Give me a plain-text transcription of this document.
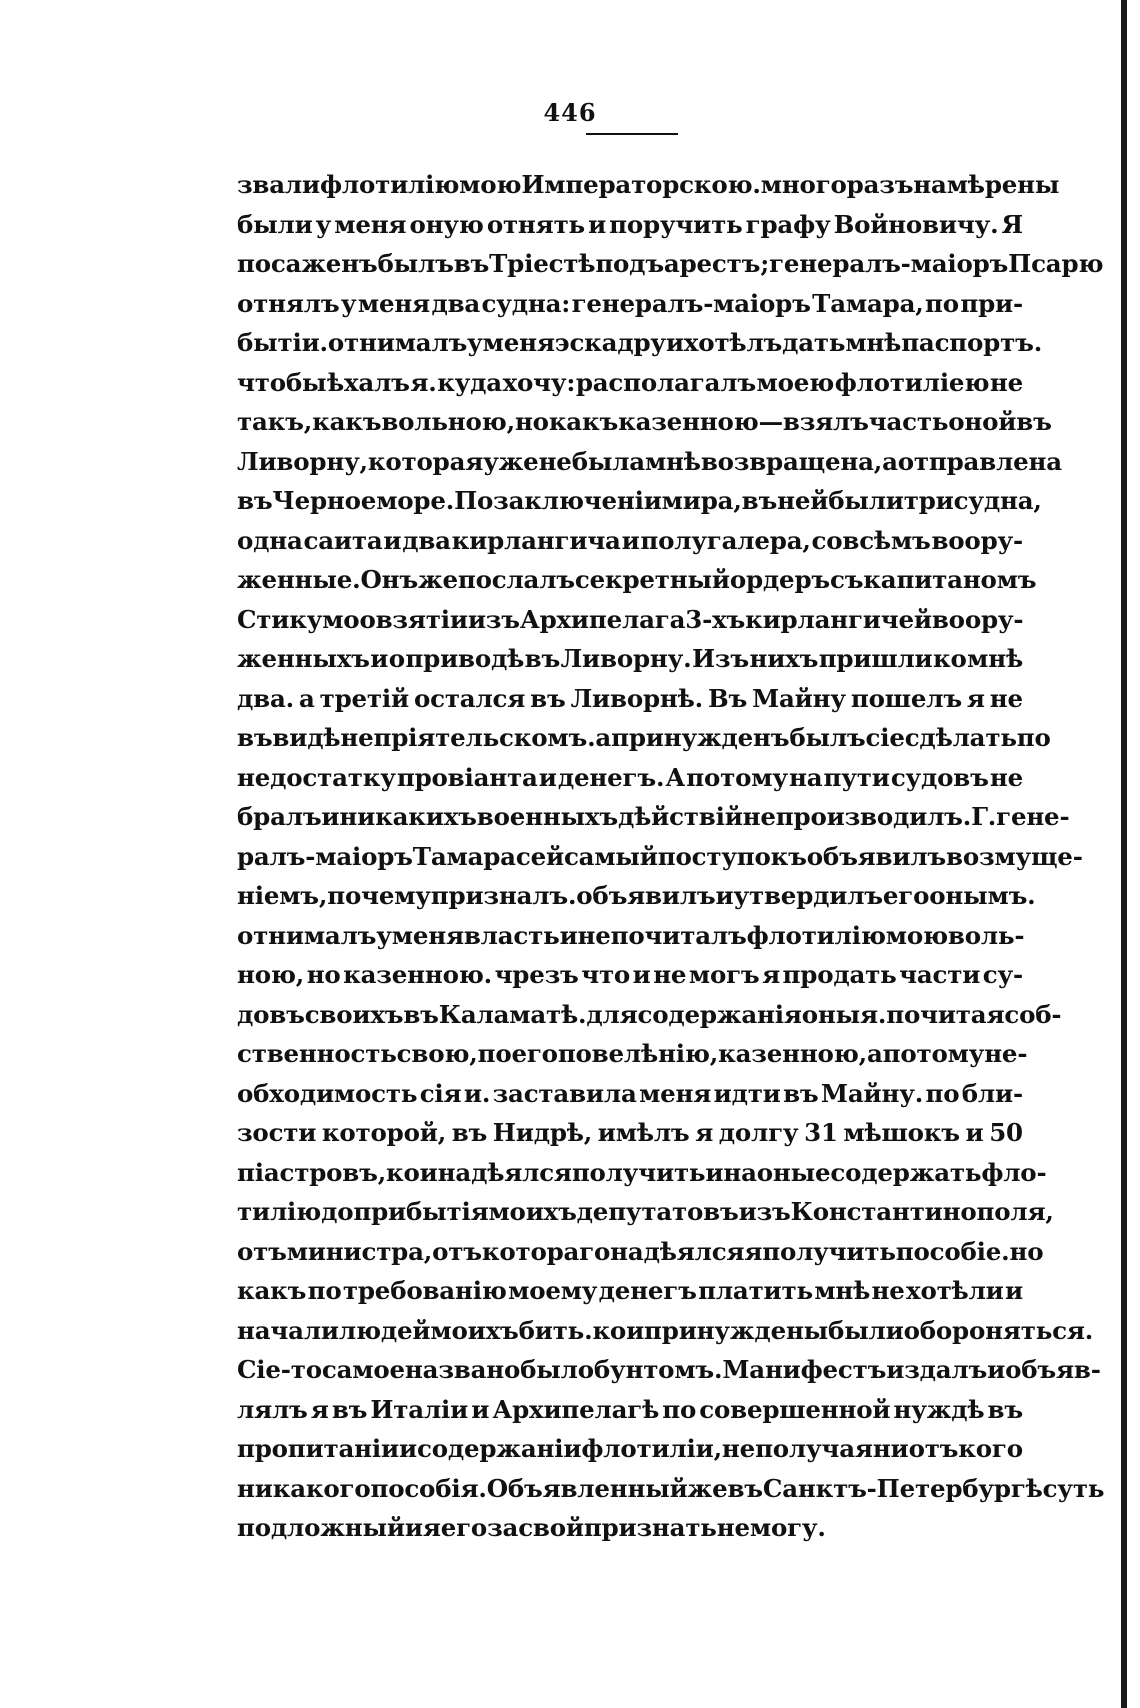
446
звали флотилію мою Императорскою. много разъ намѣрены
были у меня оную отнять и поручить графу Войновичу. Я
посаженъ былъ въ Тріестѣ подъ арестъ; генералъ-маіоръ Псарю
отнялъ у меня два судна: генералъ-маіоръ Тамара, по при-
бытіи. отнималъ у меня эскадру и хотѣлъ дать мнѣ паспортъ.
чтобы ѣхалъ я. куда хочу: располагалъ моею флотиліею не
такъ, какъ вольною, но какъ казенною—взялъ часть оной въ
Ливорну, которая уже не была мнѣ возвращена, а отправлена
въ Черное море. По заключеніи мира, въ ней были три судна,
одна саита и два кирлангича и полугалера, совсѣмъ воору-
женные. Онъ же послалъ секретный ордеръ съ капитаномъ
Стикумо о взятіи изъ Архипелага 3-хъ кирлангичей воору-
женныхъ и о приводѣ въ Ливорну. Изъ нихъ пришли ко мнѣ
два. а третій остался въ Ливорнѣ. Въ Майну пошелъ я не
въ видѣ непріятельскомъ. а принужденъ былъ сіе сдѣлать по
недостатку провіанта и денегъ. А потому на пути судовъ не
бралъ и никакихъ военныхъ дѣйствій не производилъ. Г. гене-
ралъ-маіоръ Тамара сей самый поступокъ объявилъ возмуще-
ніемъ, почему призналъ. объявилъ и утвердилъ его онымъ.
отнималъ у меня власть и не почиталъ флотилію мою воль-
ною, но казенною. чрезъ что и не могъ я продать части су-
довъ своихъ въ Каламатѣ. для содержанія оныя. почитая соб-
ственность свою, по его повелѣнію, казенною, а потому не-
обходимость сія и. заставила меня идти въ Майну. по бли-
зости которой, въ Нидрѣ, имѣлъ я долгу 31 мѣшокъ и 50
піастровъ, кои надѣялся получить и на оные содержать фло-
тилію до прибытія моихъ депутатовъ изъ Константинополя,
отъ министра, отъ котораго надѣялся я получить пособіе. но
какъ по требованію моему денегъ платить мнѣ не хотѣли и
начали людей моихъ бить. кои принуждены были обороняться.
Сіе-то самое названо было бунтомъ. Манифестъ издалъ и объяв-
лялъ я въ Италіи и Архипелагѣ по совершенной нуждѣ въ
пропитаніи и содержаніи флотиліи, не получая ни отъ кого
никакого пособія. Объявленный же въ Санктъ-Петербургѣ суть
подложный и я его за свой признать не могу.
